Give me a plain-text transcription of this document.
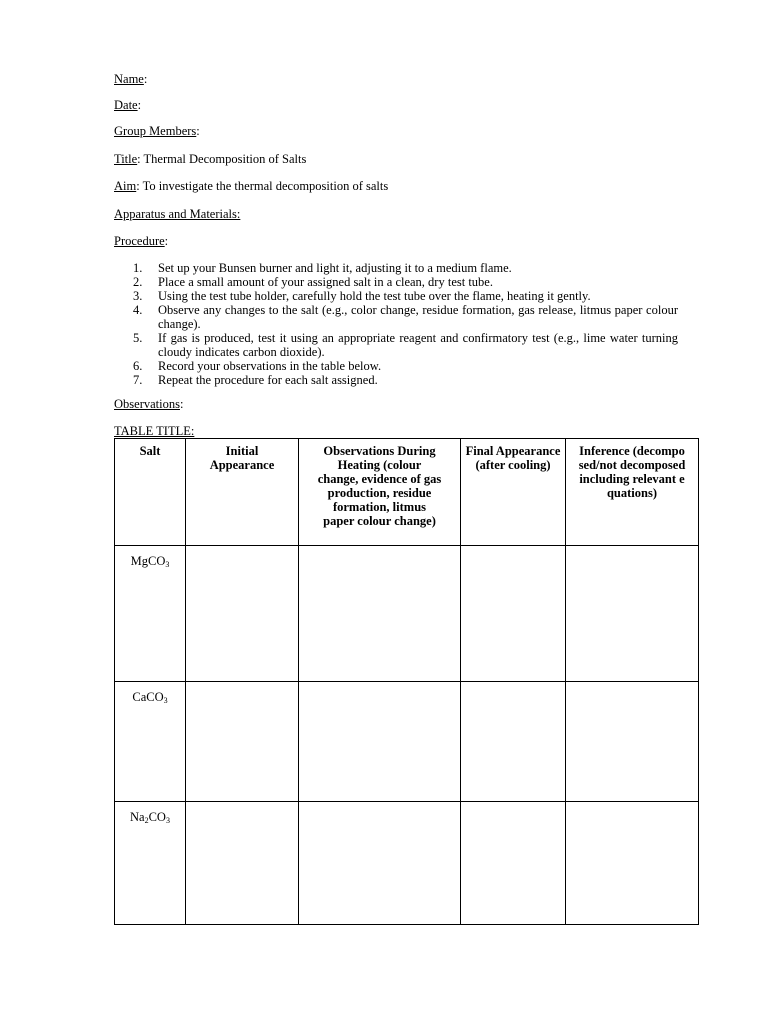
Name:
Date:
Group Members:
Title: Thermal Decomposition of Salts
Aim: To investigate the thermal decomposition of salts
Apparatus and Materials:
Procedure:
1. Set up your Bunsen burner and light it, adjusting it to a medium flame.
2. Place a small amount of your assigned salt in a clean, dry test tube.
3. Using the test tube holder, carefully hold the test tube over the flame, heating it gently.
4. Observe any changes to the salt (e.g., color change, residue formation, gas release, litmus paper colour change).
5. If gas is produced, test it using an appropriate reagent and confirmatory test (e.g., lime water turning cloudy indicates carbon dioxide).
6. Record your observations in the table below.
7. Repeat the procedure for each salt assigned.
Observations:
TABLE TITLE:
Salt	Initial Appearance	Observations During Heating (colour change, evidence of gas production, residue formation, litmus paper colour change)	Final Appearance (after cooling)	Inference (decomposed/not decomposed including relevant equations)
MgCO$_3$				
CaCO$_3$				
$Na_2CO_3$				
